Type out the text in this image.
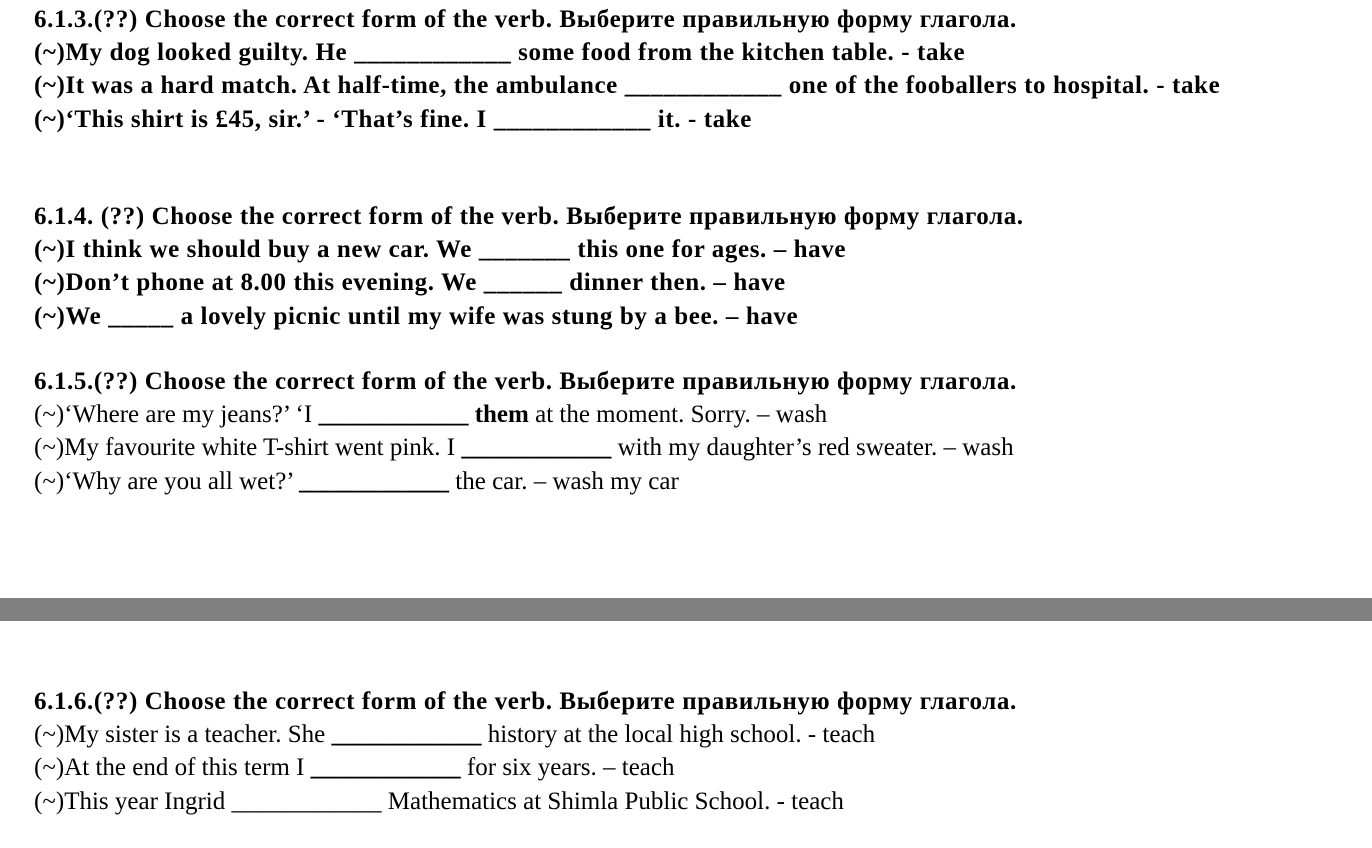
6.1.3.(??) Choose the correct form of the verb. Выберите правильную форму глагола.
(~)My dog looked guilty. He ____________ some food from the kitchen table. - take
(~)It was a hard match. At half-time, the ambulance ____________ one of the fooballers to hospital. - take
(~)‘This shirt is £45, sir.’ - ‘That’s fine. I ____________ it. - take
6.1.4. (??) Choose the correct form of the verb. Выберите правильную форму глагола.
(~)I think we should buy a new car. We _______ this one for ages. – have
(~)Don’t phone at 8.00 this evening. We ______ dinner then. – have
(~)We _____ a lovely picnic until my wife was stung by a bee. – have
6.1.5.(??) Choose the correct form of the verb. Выберите правильную форму глагола.
(~)‘Where are my jeans?’ ‘I ____________ them at the moment. Sorry. – wash
(~)My favourite white T-shirt went pink. I ____________ with my daughter’s red sweater. – wash
(~)‘Why are you all wet?’ ____________ the car. – wash my car
6.1.6.(??) Choose the correct form of the verb. Выберите правильную форму глагола.
(~)My sister is a teacher. She ____________ history at the local high school. - teach
(~)At the end of this term I ____________ for six years. – teach
(~)This year Ingrid ____________ Mathematics at Shimla Public School. - teach
